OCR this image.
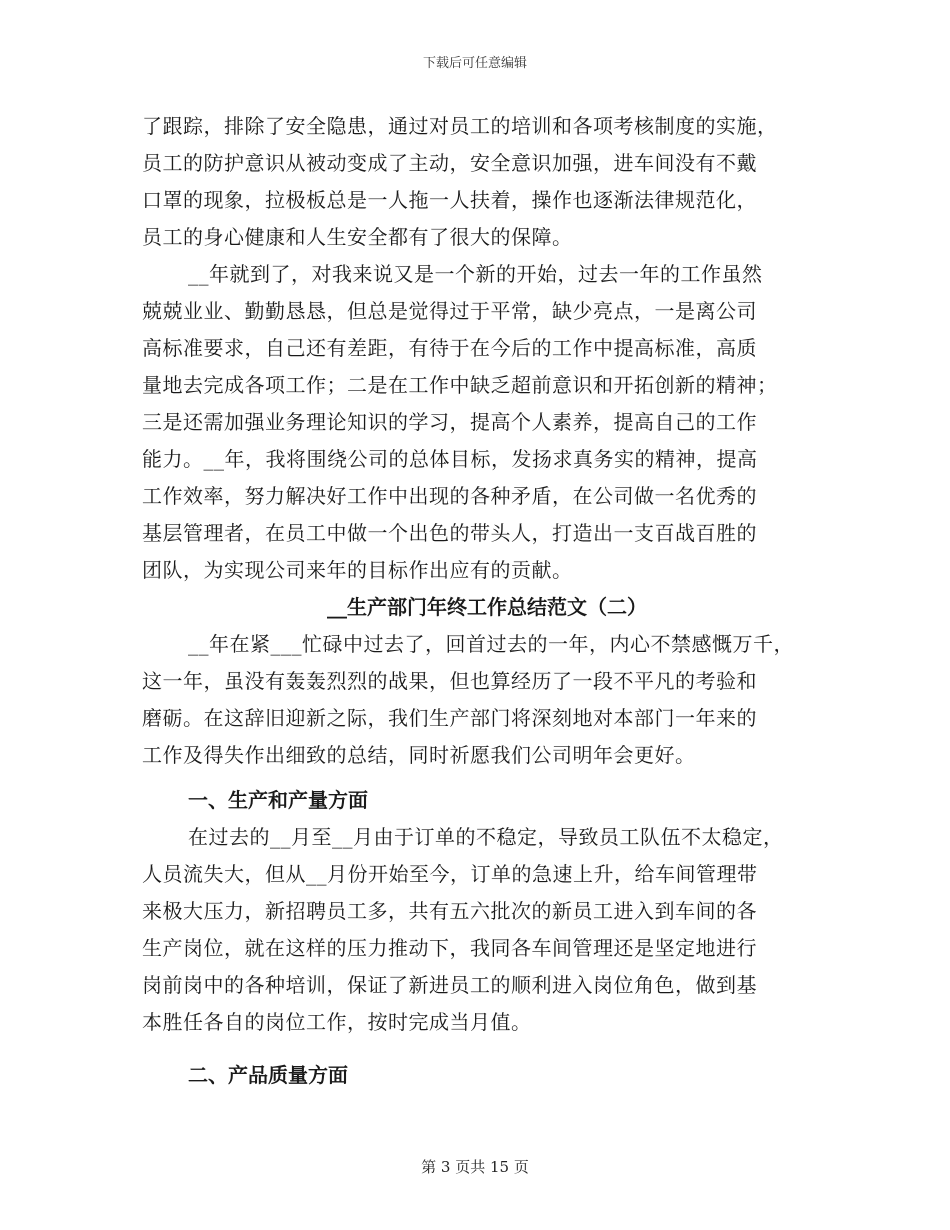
下载后可任意编辑
了跟踪，排除了安全隐患，通过对员工的培训和各项考核制度的实施，
员工的防护意识从被动变成了主动，安全意识加强，进车间没有不戴
口罩的现象，拉极板总是一人拖一人扶着，操作也逐渐法律规范化，
员工的身心健康和人生安全都有了很大的保障。
__年就到了，对我来说又是一个新的开始，过去一年的工作虽然
兢兢业业、勤勤恳恳，但总是觉得过于平常，缺少亮点，一是离公司
高标准要求，自己还有差距，有待于在今后的工作中提高标准，高质
量地去完成各项工作；二是在工作中缺乏超前意识和开拓创新的精神；
三是还需加强业务理论知识的学习，提高个人素养，提高自己的工作
能力。__年，我将围绕公司的总体目标，发扬求真务实的精神，提高
工作效率，努力解决好工作中出现的各种矛盾，在公司做一名优秀的
基层管理者，在员工中做一个出色的带头人，打造出一支百战百胜的
团队，为实现公司来年的目标作出应有的贡献。
__生产部门年终工作总结范文（二）
__年在紧___忙碌中过去了，回首过去的一年，内心不禁感慨万千，
这一年，虽没有轰轰烈烈的战果，但也算经历了一段不平凡的考验和
磨砺。在这辞旧迎新之际，我们生产部门将深刻地对本部门一年来的
工作及得失作出细致的总结，同时祈愿我们公司明年会更好。
一、生产和产量方面
在过去的__月至__月由于订单的不稳定，导致员工队伍不太稳定，
人员流失大，但从__月份开始至今，订单的急速上升，给车间管理带
来极大压力，新招聘员工多，共有五六批次的新员工进入到车间的各
生产岗位，就在这样的压力推动下，我同各车间管理还是坚定地进行
岗前岗中的各种培训，保证了新进员工的顺利进入岗位角色，做到基
本胜任各自的岗位工作，按时完成当月值。
二、产品质量方面
第 3 页共 15 页
